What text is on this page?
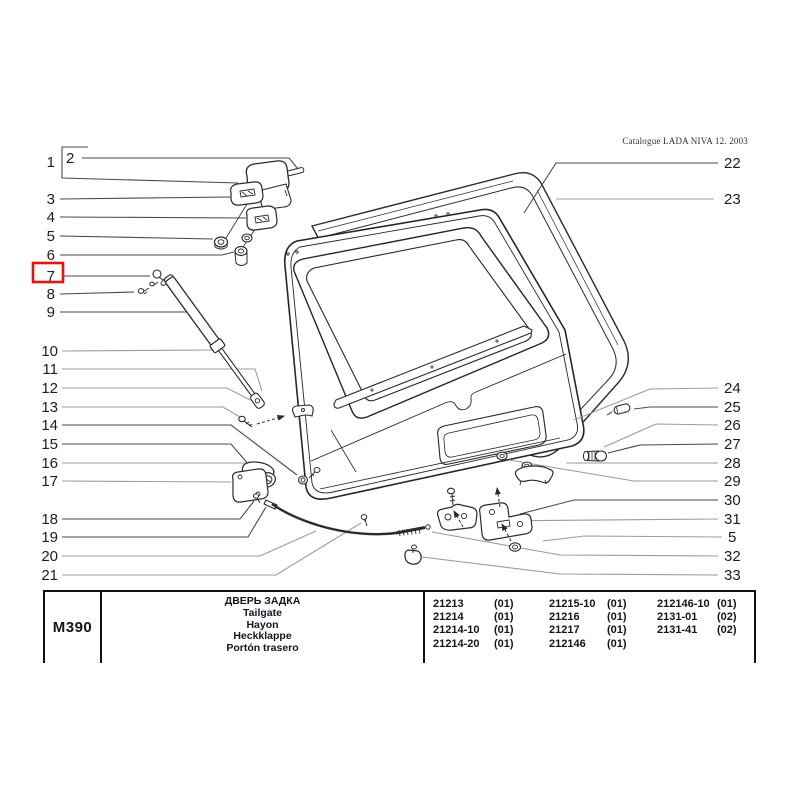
1 2
3
4
5
6
7
8
9
10
11
12
13
14
15
16
17
18
19
20
21
22
23
24
25
26
27
28
29
30
31
5
32
33
Catalogue LADA NIVA 12. 2003
M390
ДВЕРЬ ЗАДКА
Tailgate
Hayon
Heckklappe
Portón trasero
21213	(01)
21214	(01)
21214-10 (01)
21214-20 (01)
21215-10 (01)
21216 (01)
21217 (01)
212146 (01)
212146-10 (01)
2131-01 (02)
2131-41 (02)
